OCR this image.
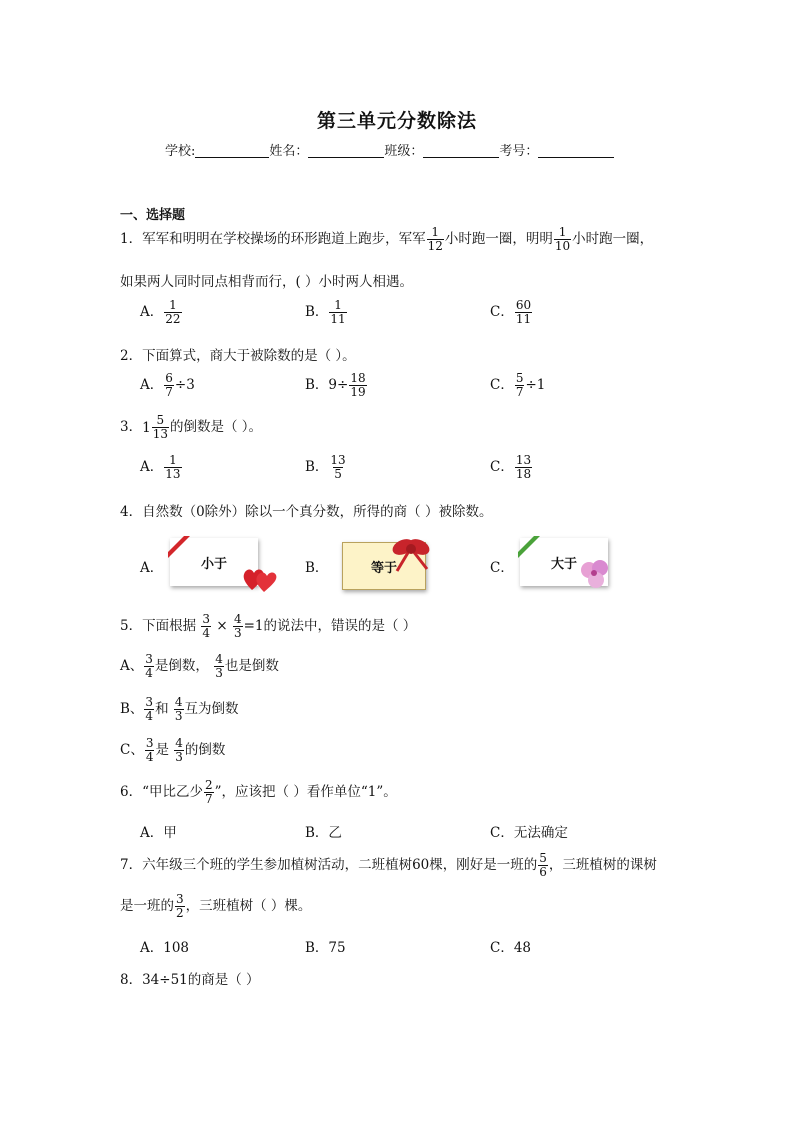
第三单元分数除法
学校:	姓名：	班级：	考号：
一、选择题
1．军军和明明在学校操场的环形跑道上跑步，军军 $\frac{1}{12}$ 小时跑一圈，明明 $\frac{1}{10}$ 小时跑一圈，
如果两人同时同点相背而行，( ）小时两人相遇。
A． $\frac{1}{22}$	B． $\frac{1}{11}$	C． $\frac{60}{11}$
2．下面算式，商大于被除数的是（ ）。
A． $\frac{6}{7} \div 3$	B．$9\div \frac{18}{19}$	C． $\frac{5}{7} \div 1$
3． $1 \frac{5}{13}$ 的倒数是（ ）。
A． $\frac{1}{13}$	B． $\frac{13}{5}$	C． $\frac{13}{18}$
4．自然数（0除外）除以一个真分数，所得的商（ ）被除数。
A．	B．	C．
小于	等于	大于
5．下面根据 $\frac{3}{4} \times \frac{4}{3} =1$的说法中，错误的是（ ）
A、 $\frac{3}{4}$ 是倒数， $\frac{4}{3}$ 也是倒数
B、 $\frac{3}{4}$ 和 $\frac{4}{3}$ 互为倒数
C、 $\frac{3}{4}$ 是 $\frac{4}{3}$ 的倒数
6．“甲比乙少 $\frac{2}{7}$ ”，应该把（ ）看作单位“1”。
A．甲	B．乙	C．无法确定
7．六年级三个班的学生参加植树活动，二班植树60棵，刚好是一班的 $\frac{5}{6}$ ，三班植树的课树
是一班的 $\frac{3}{2}$ ，三班植树（ ）棵。
A．108	B．75	C．48
8．34÷51的商是（ ）
